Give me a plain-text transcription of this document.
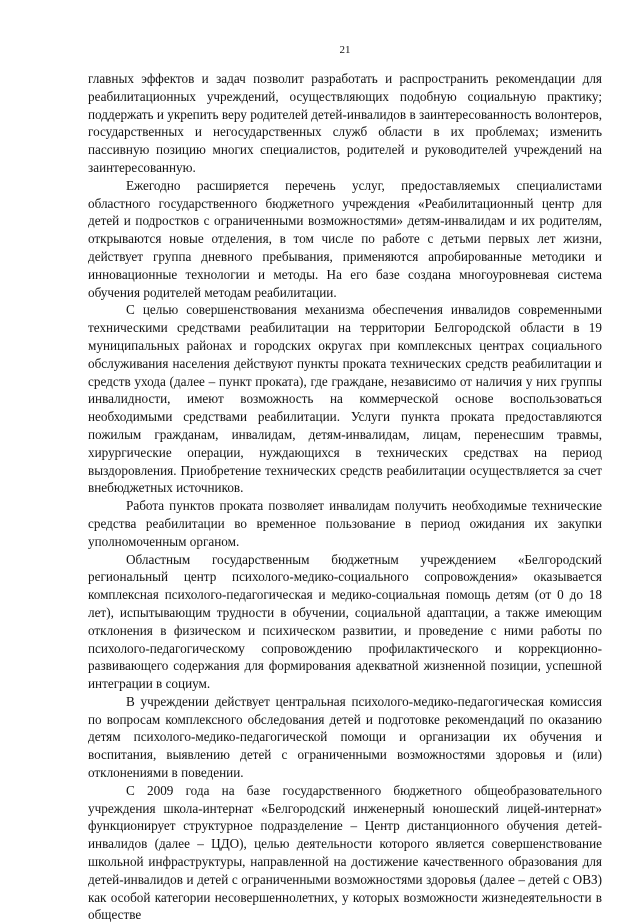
21

главных эффектов и задач позволит разработать и распространить рекомендации для реабилитационных учреждений, осуществляющих подобную социальную практику; поддержать и укрепить веру родителей детей-инвалидов в заинтересованность волонтеров, государственных и негосударственных служб области в их проблемах; изменить пассивную позицию многих специалистов, родителей и руководителей учреждений на заинтересованную.

Ежегодно расширяется перечень услуг, предоставляемых специалистами областного государственного бюджетного учреждения «Реабилитационный центр для детей и подростков с ограниченными возможностями» детям-инвалидам и их родителям, открываются новые отделения, в том числе по работе с детьми первых лет жизни, действует группа дневного пребывания, применяются апробированные методики и инновационные технологии и методы. На его базе создана многоуровневая система обучения родителей методам реабилитации.

С целью совершенствования механизма обеспечения инвалидов современными техническими средствами реабилитации на территории Белгородской области в 19 муниципальных районах и городских округах при комплексных центрах социального обслуживания населения действуют пункты проката технических средств реабилитации и средств ухода (далее – пункт проката), где граждане, независимо от наличия у них группы инвалидности, имеют возможность на коммерческой основе воспользоваться необходимыми средствами реабилитации. Услуги пункта проката предоставляются пожилым гражданам, инвалидам, детям-инвалидам, лицам, перенесшим травмы, хирургические операции, нуждающихся в технических средствах на период выздоровления. Приобретение технических средств реабилитации осуществляется за счет внебюджетных источников.

Работа пунктов проката позволяет инвалидам получить необходимые технические средства реабилитации во временное пользование в период ожидания их закупки уполномоченным органом.

Областным государственным бюджетным учреждением «Белгородский региональный центр психолого-медико-социального сопровождения» оказывается комплексная психолого-педагогическая и медико-социальная помощь детям (от 0 до 18 лет), испытывающим трудности в обучении, социальной адаптации, а также имеющим отклонения в физическом и психическом развитии, и проведение с ними работы по психолого-педагогическому сопровождению профилактического и коррекционно-развивающего содержания для формирования адекватной жизненной позиции, успешной интеграции в социум.

В учреждении действует центральная психолого-медико-педагогическая комиссия по вопросам комплексного обследования детей и подготовке рекомендаций по оказанию детям психолого-медико-педагогической помощи и организации их обучения и воспитания, выявлению детей с ограниченными возможностями здоровья и (или) отклонениями в поведении.

С 2009 года на базе государственного бюджетного общеобразовательного учреждения школа-интернат «Белгородский инженерный юношеский лицей-интернат» функционирует структурное подразделение – Центр дистанционного обучения детей-инвалидов (далее – ЦДО), целью деятельности которого является совершенствование школьной инфраструктуры, направленной на достижение качественного образования для детей-инвалидов и детей с ограниченными возможностями здоровья (далее – детей с ОВЗ) как особой категории несовершеннолетних, у которых возможности жизнедеятельности в обществе
